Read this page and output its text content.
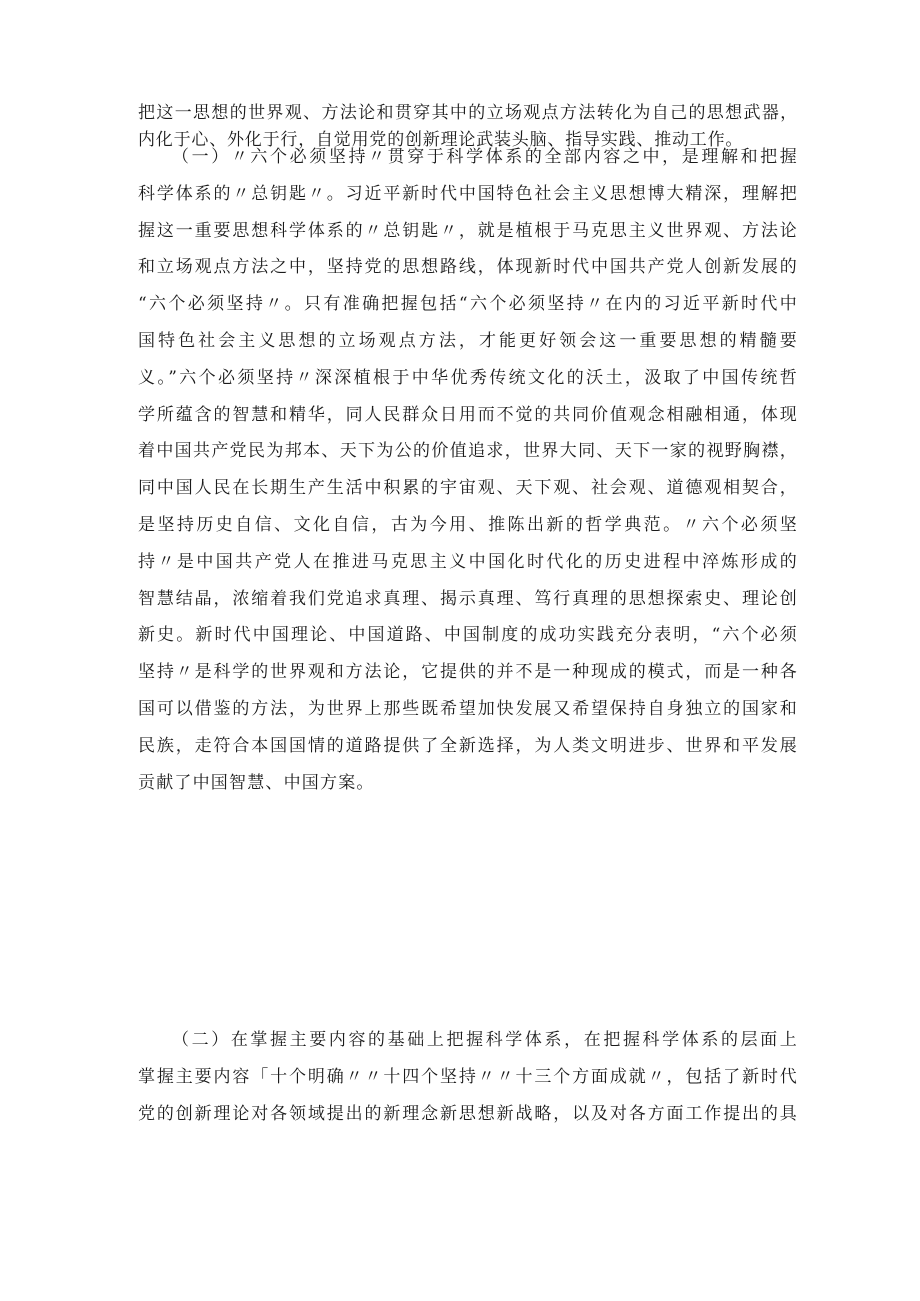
把这一思想的世界观、方法论和贯穿其中的立场观点方法转化为自己的思想武器，
内化于心、外化于行，自觉用党的创新理论武装头脑、指导实践、推动工作。
（一）〃六个必须坚持〃贯穿于科学体系的全部内容之中，是理解和把握
科学体系的〃总钥匙〃。习近平新时代中国特色社会主义思想博大精深，理解把
握这一重要思想科学体系的〃总钥匙〃，就是植根于马克思主义世界观、方法论
和立场观点方法之中，坚持党的思想路线，体现新时代中国共产党人创新发展的
“六个必须坚持〃。只有准确把握包括“六个必须坚持〃在内的习近平新时代中
国特色社会主义思想的立场观点方法，才能更好领会这一重要思想的精髓要
义。”六个必须坚持〃深深植根于中华优秀传统文化的沃土，汲取了中国传统哲
学所蕴含的智慧和精华，同人民群众日用而不觉的共同价值观念相融相通，体现
着中国共产党民为邦本、天下为公的价值追求，世界大同、天下一家的视野胸襟，
同中国人民在长期生产生活中积累的宇宙观、天下观、社会观、道德观相契合，
是坚持历史自信、文化自信，古为今用、推陈出新的哲学典范。〃六个必须坚
持〃是中国共产党人在推进马克思主义中国化时代化的历史进程中淬炼形成的
智慧结晶，浓缩着我们党追求真理、揭示真理、笃行真理的思想探索史、理论创
新史。新时代中国理论、中国道路、中国制度的成功实践充分表明，“六个必须
坚持〃是科学的世界观和方法论，它提供的并不是一种现成的模式，而是一种各
国可以借鉴的方法，为世界上那些既希望加快发展又希望保持自身独立的国家和
民族，走符合本国国情的道路提供了全新选择，为人类文明进步、世界和平发展
贡献了中国智慧、中国方案。
（二）在掌握主要内容的基础上把握科学体系，在把握科学体系的层面上
掌握主要内容「十个明确〃〃十四个坚持〃〃十三个方面成就〃，包括了新时代
党的创新理论对各领域提出的新理念新思想新战略，以及对各方面工作提出的具
